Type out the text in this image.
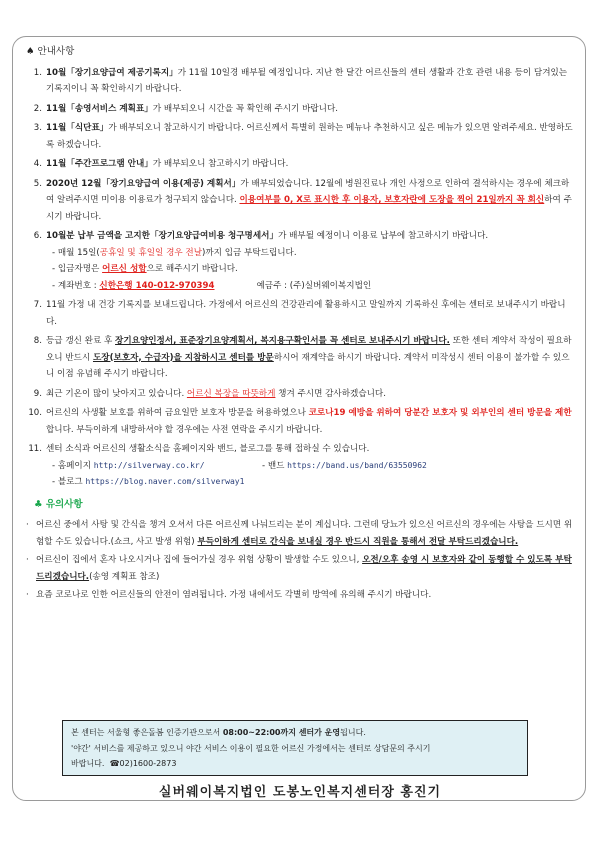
♠ 안내사항
1. 10월「장기요양급여 제공기록지」가 11월 10일경 배부될 예정입니다. 지난 한 달간 어르신들의 센터 생활과 간호 관련 내용 등이 담겨있는 기록지이니 꼭 확인하시기 바랍니다.
2. 11월「송영서비스 계획표」가 배부되오니 시간을 꼭 확인해 주시기 바랍니다.
3. 11월「식단표」가 배부되오니 참고하시기 바랍니다. 어르신께서 특별히 원하는 메뉴나 추천하시고 싶은 메뉴가 있으면 알려주세요. 반영하도록 하겠습니다.
4. 11월「주간프로그램 안내」가 배부되오니 참고하시기 바랍니다.
5. 2020년 12월「장기요양급여 이용(제공) 계획서」가 배부되었습니다. 12월에 병원진료나 개인 사정으로 인하여 결석하시는 경우에 체크하여 알려주시면 미이용 이용료가 청구되지 않습니다. 이용여부를 0, X로 표시한 후 이용자, 보호자란에 도장을 찍어 21일까지 꼭 회신하여 주시기 바랍니다.
6. 10월분 납부 금액을 고지한「장기요양급여비용 청구명세서」가 배부될 예정이니 이용료 납부에 참고하시기 바랍니다.
- 매월 15일(공휴일 및 휴일일 경우 전날)까지 입금 부탁드립니다.
- 입금자명은 어르신 성함으로 해주시기 바랍니다.
- 계좌번호 : 신한은행 140-012-970394	예금주 : (주)실버웨이복지법인
7. 11월 가정 내 건강 기록지를 보내드립니다. 가정에서 어르신의 건강관리에 활용하시고 말일까지 기록하신 후에는 센터로 보내주시기 바랍니다.
8. 등급 갱신 완료 후 장기요양인정서, 표준장기요양계획서, 복지용구확인서를 꼭 센터로 보내주시기 바랍니다. 또한 센터 계약서 작성이 필요하오니 반드시 도장(보호자, 수급자)을 지참하시고 센터를 방문하시어 재계약을 하시기 바랍니다. 계약서 미작성시 센터 이용이 불가할 수 있으니 이점 유념해 주시기 바랍니다.
9. 최근 기온이 많이 낮아지고 있습니다. 어르신 복장을 따뜻하게 챙겨 주시면 감사하겠습니다.
10. 어르신의 사생활 보호를 위하여 금요일만 보호자 방문을 허용하였으나 코로나19 예방을 위하여 당분간 보호자 및 외부인의 센터 방문을 제한합니다. 부득이하게 내방하셔야 할 경우에는 사전 연락을 주시기 바랍니다.
11. 센터 소식과 어르신의 생활소식을 홈페이지와 밴드, 블로그를 통해 접하실 수 있습니다.
- 홈페이지 http://silverway.co.kr/	- 밴드 https://band.us/band/63550962
- 블로그 https://blog.naver.com/silverway1
♣ 유의사항
· 어르신 중에서 사탕 및 간식을 챙겨 오셔서 다른 어르신께 나눠드리는 분이 계십니다. 그런데 당뇨가 있으신 어르신의 경우에는 사탕을 드시면 위험할 수도 있습니다.(쇼크, 사고 발생 위험) 부득이하게 센터로 간식을 보내실 경우 반드시 직원을 통해서 전달 부탁드리겠습니다.
· 어르신이 집에서 혼자 나오시거나 집에 들어가실 경우 위험 상황이 발생할 수도 있으니, 오전/오후 송영 시 보호자와 같이 동행할 수 있도록 부탁드리겠습니다.(송영 계획표 참조)
· 요즘 코로나로 인한 어르신들의 안전이 염려됩니다. 가정 내에서도 각별히 방역에 유의해 주시기 바랍니다.
본 센터는 서울형 좋은돌봄 인증기관으로서 08:00~22:00까지 센터가 운영됩니다.
'야간' 서비스를 제공하고 있으니 야간 서비스 이용이 필요한 어르신 가정에서는 센터로 상담문의 주시기
바랍니다. ☎02)1600-2873
실버웨이복지법인 도봉노인복지센터장 홍진기
